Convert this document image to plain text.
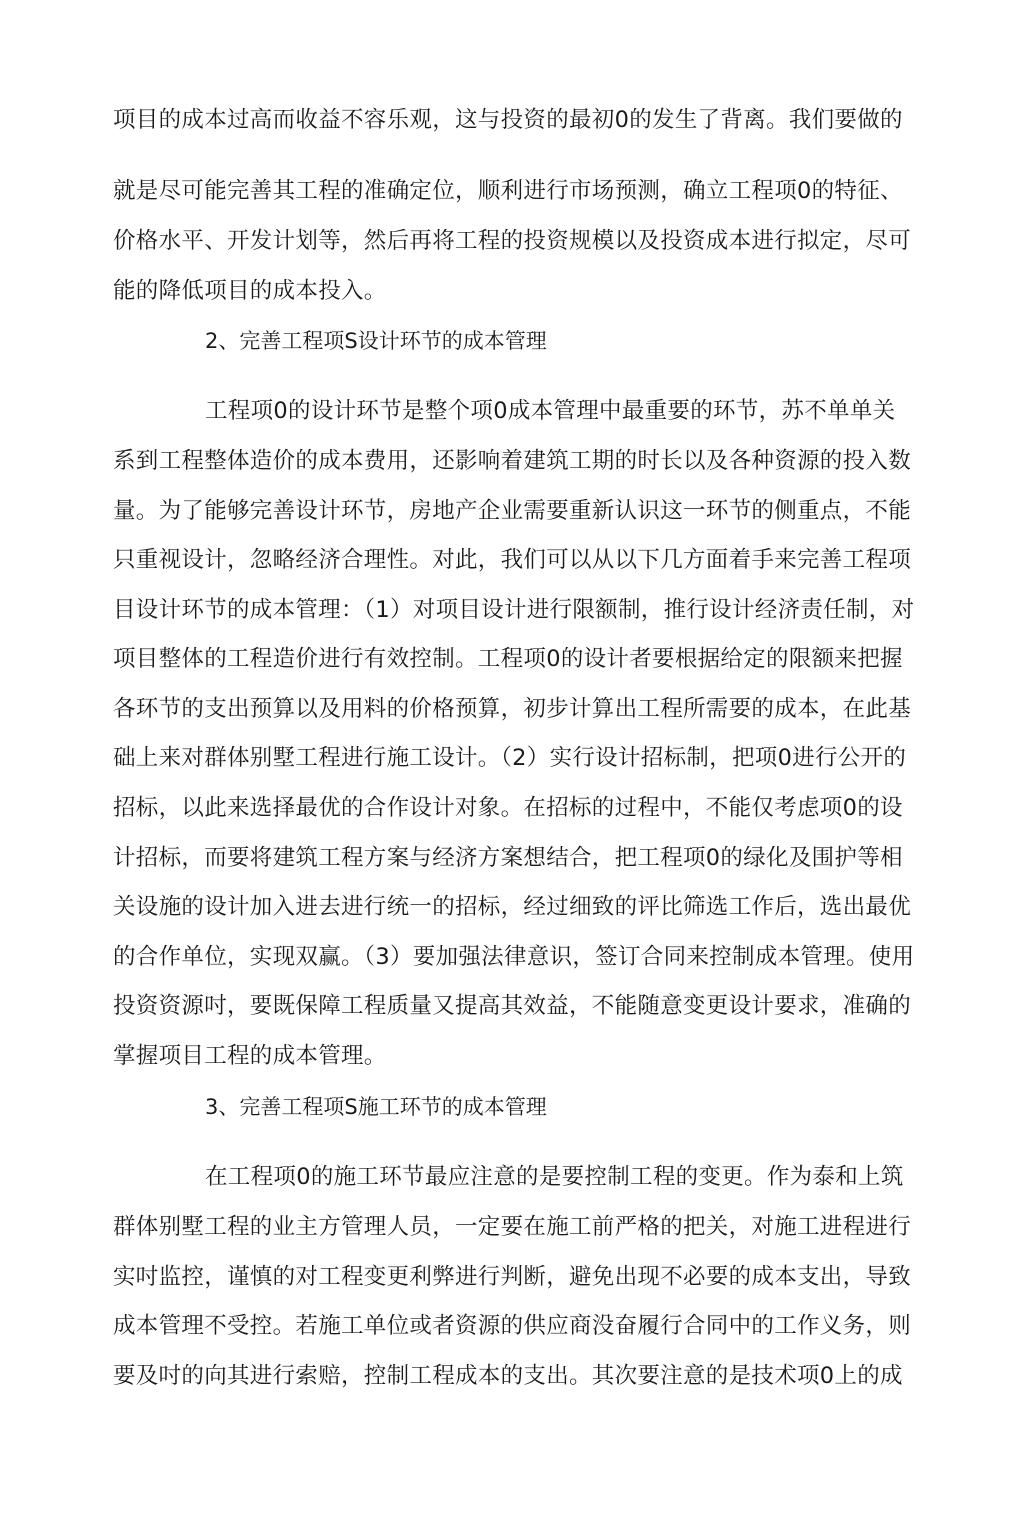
项目的成本过高而收益不容乐观，这与投资的最初0的发生了背离。我们要做的
就是尽可能完善其工程的准确定位，顺利进行市场预测，确立工程项0的特征、
价格水平、开发计划等，然后再将工程的投资规模以及投资成本进行拟定，尽可
能的降低项目的成本投入。
2、完善工程项S设计环节的成本管理
工程项0的设计环节是整个项0成本管理中最重要的环节，苏不单单关
系到工程整体造价的成本费用，还影响着建筑工期的时长以及各种资源的投入数
量。为了能够完善设计环节，房地产企业需要重新认识这一环节的侧重点，不能
只重视设计，忽略经济合理性。对此，我们可以从以下几方面着手来完善工程项
目设计环节的成本管理：（1）对项目设计进行限额制，推行设计经济责任制，对
项目整体的工程造价进行有效控制。工程项0的设计者要根据给定的限额来把握
各环节的支出预算以及用料的价格预算，初步计算出工程所需要的成本，在此基
础上来对群体别墅工程进行施工设计。（2）实行设计招标制，把项0进行公开的
招标，以此来选择最优的合作设计对象。在招标的过程中，不能仅考虑项0的设
计招标，而要将建筑工程方案与经济方案想结合，把工程项0的绿化及围护等相
关设施的设计加入进去进行统一的招标，经过细致的评比筛选工作后，选出最优
的合作单位，实现双赢。（3）要加强法律意识，签订合同来控制成本管理。使用
投资资源吋，要既保障工程质量又提高其效益，不能随意变更设计要求，准确的
掌握项目工程的成本管理。
3、完善工程项S施工环节的成本管理
在工程项0的施工环节最应注意的是要控制工程的变更。作为泰和上筑
群体别墅工程的业主方管理人员，一定要在施工前严格的把关，对施工进程进行
实吋监控，谨慎的对工程变更利弊进行判断，避免出现不必要的成本支出，导致
成本管理不受控。若施工单位或者资源的供应商没奋履行合同中的工作义务，则
要及吋的向其进行索赔，控制工程成本的支出。其次要注意的是技术项0上的成
